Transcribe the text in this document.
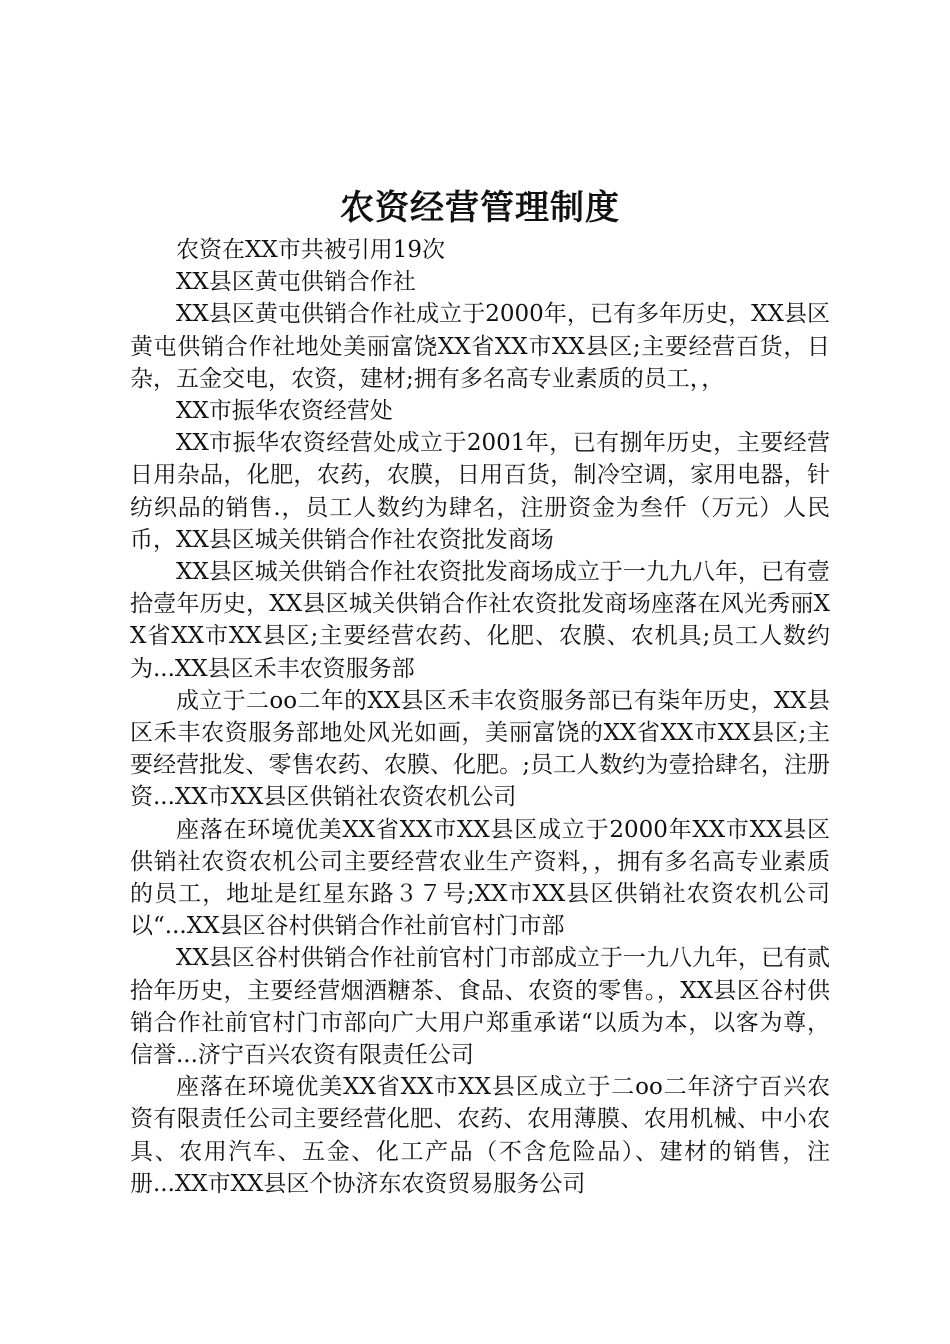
农资经营管理制度

农资在XX市共被引用19次

XX县区黄屯供销合作社

XX县区黄屯供销合作社成立于2000年，已有多年历史，XX县区黄屯供销合作社地处美丽富饶XX省XX市XX县区;主要经营百货，日杂，五金交电，农资，建材;拥有多名高专业素质的员工，，

XX市振华农资经营处

XX市振华农资经营处成立于2001年，已有捌年历史，主要经营日用杂品，化肥，农药，农膜，日用百货，制冷空调，家用电器，针纺织品的销售.，员工人数约为肆名，注册资金为叁仟（万元）人民币，XX县区城关供销合作社农资批发商场

XX县区城关供销合作社农资批发商场成立于一九九八年，已有壹拾壹年历史，XX县区城关供销合作社农资批发商场座落在风光秀丽XX省XX市XX县区;主要经营农药、化肥、农膜、农机具;员工人数约为...XX县区禾丰农资服务部

成立于二oo二年的XX县区禾丰农资服务部已有柒年历史，XX县区禾丰农资服务部地处风光如画，美丽富饶的XX省XX市XX县区;主要经营批发、零售农药、农膜、化肥。;员工人数约为壹拾肆名，注册资...XX市XX县区供销社农资农机公司

座落在环境优美XX省XX市XX县区成立于2000年XX市XX县区供销社农资农机公司主要经营农业生产资料，，拥有多名高专业素质的员工，地址是红星东路３７号;XX市XX县区供销社农资农机公司以“...XX县区谷村供销合作社前官村门市部

XX县区谷村供销合作社前官村门市部成立于一九八九年，已有贰拾年历史，主要经营烟酒糖茶、食品、农资的零售。，XX县区谷村供销合作社前官村门市部向广大用户郑重承诺“以质为本，以客为尊，信誉...济宁百兴农资有限责任公司

座落在环境优美XX省XX市XX县区成立于二oo二年济宁百兴农资有限责任公司主要经营化肥、农药、农用薄膜、农用机械、中小农具、农用汽车、五金、化工产品（不含危险品）、建材的销售，注册...XX市XX县区个协济东农资贸易服务公司
